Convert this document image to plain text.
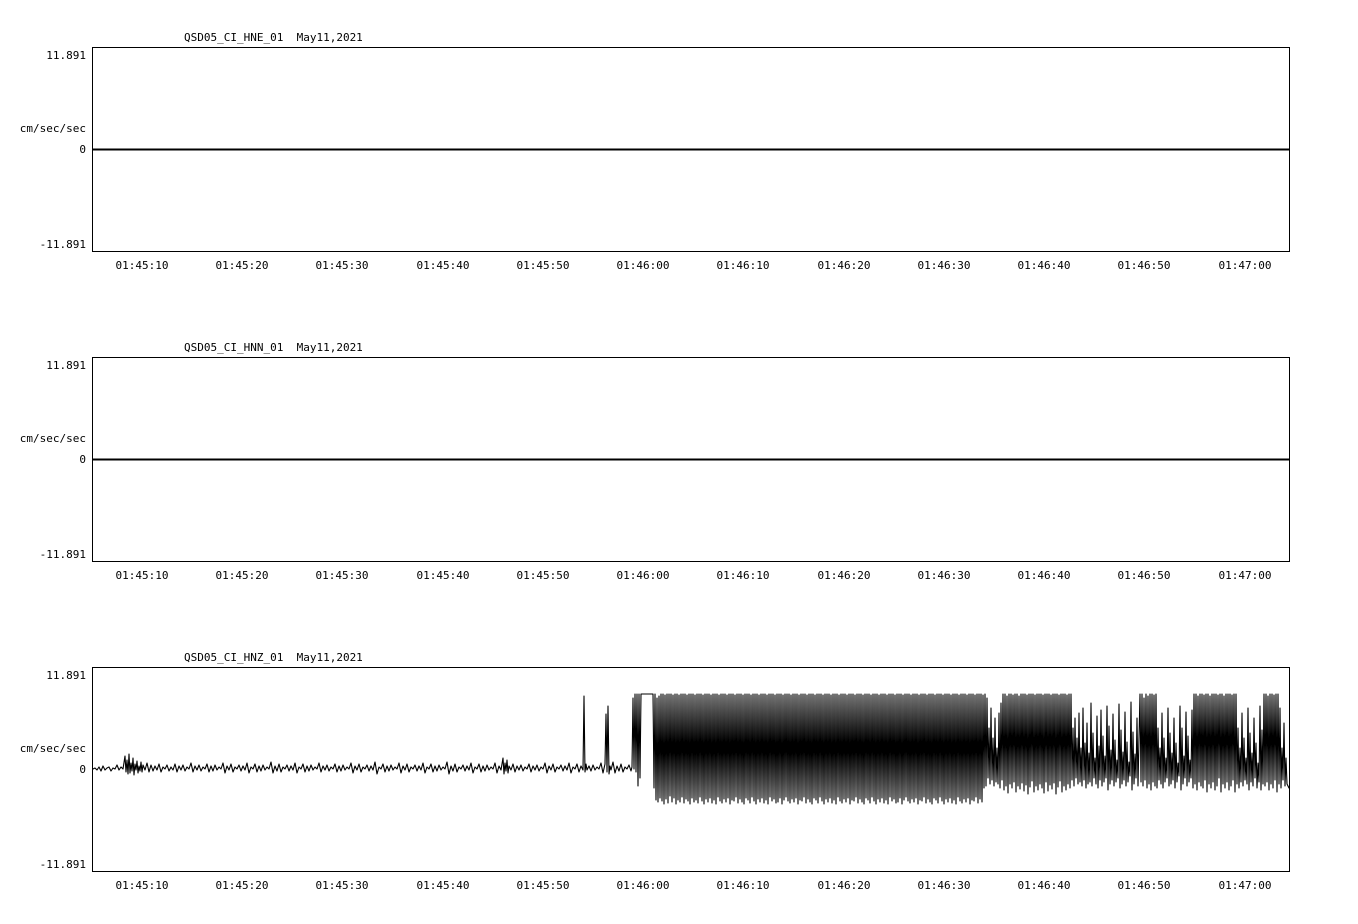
QSD05_CI_HNE_01  May11,2021
cm/sec/sec
11.891
0
-11.891
01:45:10	01:45:20	01:45:30	01:45:40	01:45:50	01:46:00	01:46:10	01:46:20	01:46:30	01:46:40	01:46:50	01:47:00
QSD05_CI_HNN_01  May11,2021
cm/sec/sec
11.891
0
-11.891
01:45:10	01:45:20	01:45:30	01:45:40	01:45:50	01:46:00	01:46:10	01:46:20	01:46:30	01:46:40	01:46:50	01:47:00
QSD05_CI_HNZ_01  May11,2021
cm/sec/sec
11.891
0
-11.891
01:45:10	01:45:20	01:45:30	01:45:40	01:45:50	01:46:00	01:46:10	01:46:20	01:46:30	01:46:40	01:46:50	01:47:00
